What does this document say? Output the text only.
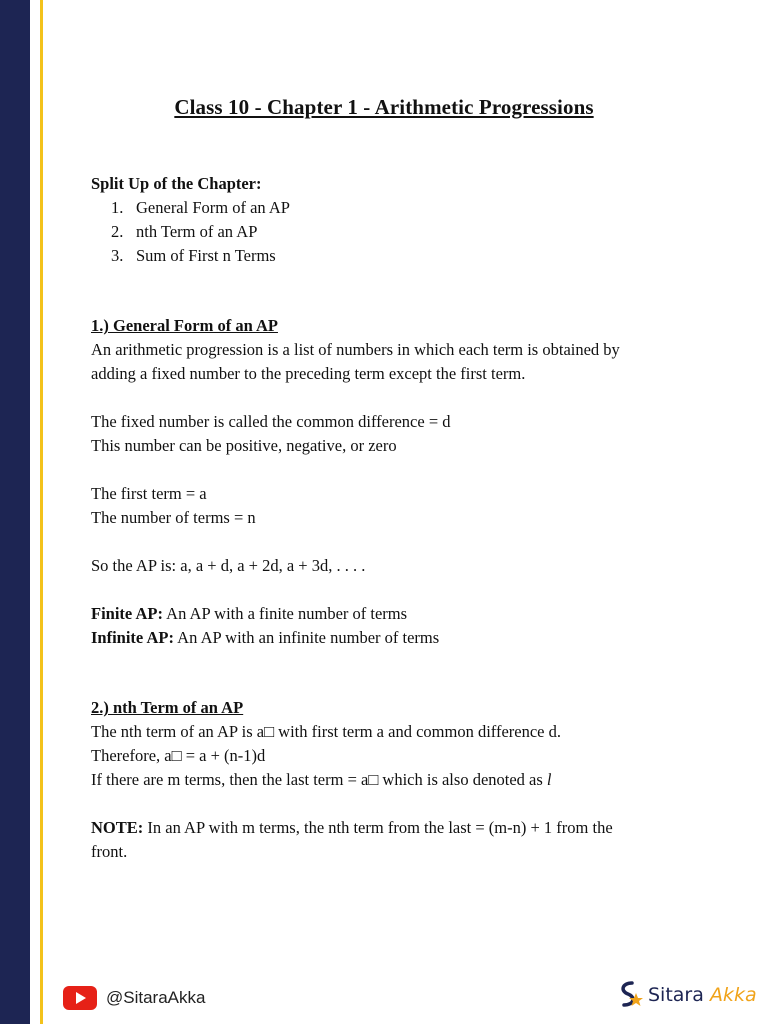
Class 10 - Chapter 1 - Arithmetic Progressions

Split Up of the Chapter:

1. General Form of an AP
2. nth Term of an AP
3. Sum of First n Terms

1.) General Form of an AP

An arithmetic progression is a list of numbers in which each term is obtained by

adding a fixed number to the preceding term except the first term.

The fixed number is called the common difference = d

This number can be positive, negative, or zero

The first term = a

The number of terms = n

So the AP is: a, a + d, a + 2d, a + 3d, . . . .

Finite AP: An AP with a finite number of terms

Infinite AP: An AP with an infinite number of terms

2.) nth Term of an AP

The nth term of an AP is a□ with first term a and common difference d.

Therefore, a□ = a + (n-1)d

If there are m terms, then the last term = a□ which is also denoted as l

NOTE: In an AP with m terms, the nth term from the last = (m-n) + 1 from the

front.

@SitaraAkka	Sitara Akka
